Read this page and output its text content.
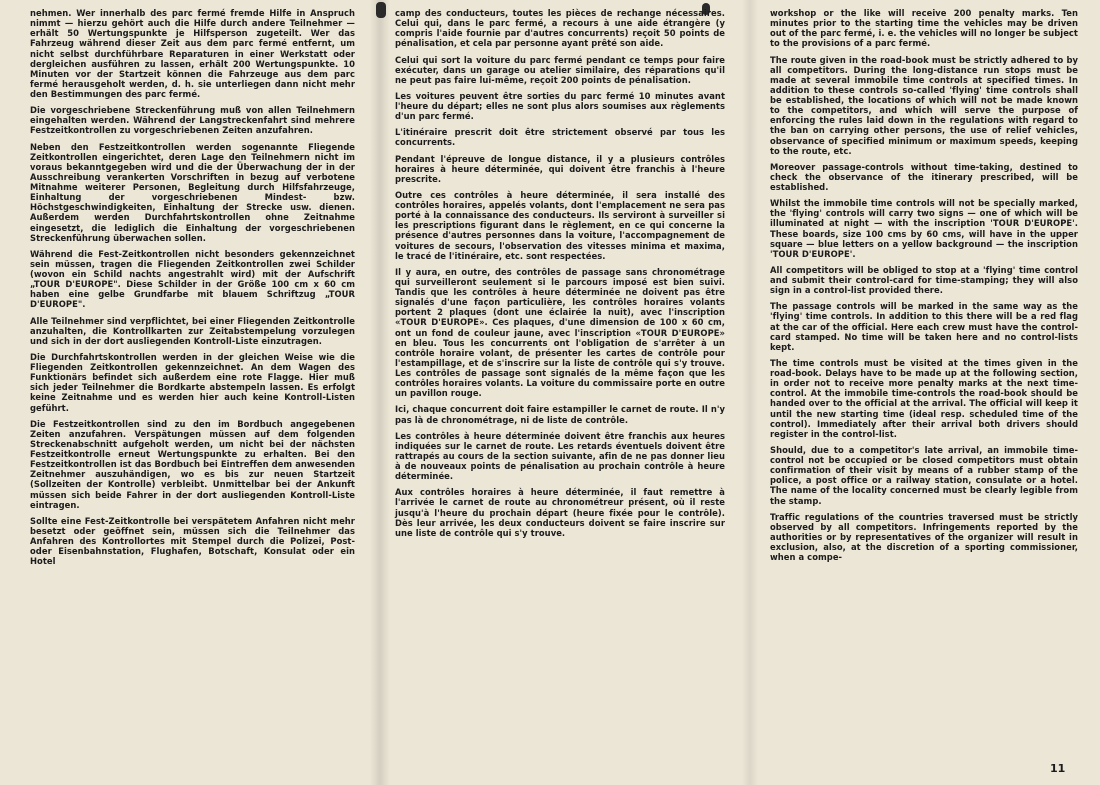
nehmen. Wer innerhalb des parc fermé fremde Hilfe in Anspruch nimmt — hierzu gehört auch die Hilfe durch andere Teilnehmer — erhält 50 Wertungspunkte je Hilfsperson zugeteilt. Wer das Fahrzeug während dieser Zeit aus dem parc fermé entfernt, um nicht selbst durchführbare Reparaturen in einer Werkstatt oder dergleichen ausführen zu lassen, erhält 200 Wertungspunkte. 10 Minuten vor der Startzeit können die Fahrzeuge aus dem parc fermé herausgeholt werden, d. h. sie unterliegen dann nicht mehr den Bestimmungen des parc fermé.

Die vorgeschriebene Streckenführung muß von allen Teilnehmern eingehalten werden. Während der Langstreckenfahrt sind mehrere Festzeitkontrollen zu vorgeschriebenen Zeiten anzufahren.

Neben den Festzeitkontrollen werden sogenannte Fliegende Zeitkontrollen eingerichtet, deren Lage den Teilnehmern nicht im voraus bekanntgegeben wird und die der Überwachung der in der Ausschreibung verankerten Vorschriften in bezug auf verbotene Mitnahme weiterer Personen, Begleitung durch Hilfsfahrzeuge, Einhaltung der vorgeschriebenen Mindest- bzw. Höchstgeschwindigkeiten, Einhaltung der Strecke usw. dienen. Außerdem werden Durchfahrtskontrollen ohne Zeitnahme eingesetzt, die lediglich die Einhaltung der vorgeschriebenen Streckenführung überwachen sollen.

Während die Fest-Zeitkontrollen nicht besonders gekennzeichnet sein müssen, tragen die Fliegenden Zeitkontrollen zwei Schilder (wovon ein Schild nachts angestrahlt wird) mit der Aufschrift „TOUR D'EUROPE". Diese Schilder in der Größe 100 cm x 60 cm haben eine gelbe Grundfarbe mit blauem Schriftzug „TOUR D'EUROPE".

Alle Teilnehmer sind verpflichtet, bei einer Fliegenden Zeitkontrolle anzuhalten, die Kontrollkarten zur Zeitabstempelung vorzulegen und sich in der dort ausliegenden Kontroll-Liste einzutragen.

Die Durchfahrtskontrollen werden in der gleichen Weise wie die Fliegenden Zeitkontrollen gekennzeichnet. An dem Wagen des Funktionärs befindet sich außerdem eine rote Flagge. Hier muß sich jeder Teilnehmer die Bordkarte abstempeln lassen. Es erfolgt keine Zeitnahme und es werden hier auch keine Kontroll-Listen geführt.

Die Festzeitkontrollen sind zu den im Bordbuch angegebenen Zeiten anzufahren. Verspätungen müssen auf dem folgenden Streckenabschnitt aufgeholt werden, um nicht bei der nächsten Festzeitkontrolle erneut Wertungspunkte zu erhalten. Bei den Festzeitkontrollen ist das Bordbuch bei Eintreffen dem anwesenden Zeitnehmer auszuhändigen, wo es bis zur neuen Startzeit (Sollzeiten der Kontrolle) verbleibt. Unmittelbar bei der Ankunft müssen sich beide Fahrer in der dort ausliegenden Kontroll-Liste eintragen.

Sollte eine Fest-Zeitkontrolle bei verspätetem Anfahren nicht mehr besetzt oder geöffnet sein, müssen sich die Teilnehmer das Anfahren des Kontrollortes mit Stempel durch die Polizei, Post- oder Eisenbahnstation, Flughafen, Botschaft, Konsulat oder ein Hotel

camp des conducteurs, toutes les pièces de rechange nécessaires. Celui qui, dans le parc fermé, a recours à une aide étrangère (y compris l'aide fournie par d'autres concurrents) reçoit 50 points de pénalisation, et cela par personne ayant prêté son aide.

Celui qui sort la voiture du parc fermé pendant ce temps pour faire exécuter, dans un garage ou atelier similaire, des réparations qu'il ne peut pas faire lui-même, reçoit 200 points de pénalisation.

Les voitures peuvent être sorties du parc fermé 10 minutes avant l'heure du départ; elles ne sont plus alors soumises aux règlements d'un parc fermé.

L'itinéraire prescrit doit être strictement observé par tous les concurrents.

Pendant l'épreuve de longue distance, il y a plusieurs contrôles horaires à heure déterminée, qui doivent être franchis à l'heure prescrite.

Outre ces contrôles à heure déterminée, il sera installé des contrôles horaires, appelés volants, dont l'emplacement ne sera pas porté à la connaissance des conducteurs. Ils serviront à surveiller si les prescriptions figurant dans le règlement, en ce qui concerne la présence d'autres personnes dans la voiture, l'accompagnement de voitures de secours, l'observation des vitesses minima et maxima, le tracé de l'itinéraire, etc. sont respectées.

Il y aura, en outre, des contrôles de passage sans chronométrage qui surveilleront seulement si le parcours imposé est bien suivi. Tandis que les contrôles à heure déterminée ne doivent pas être signalés d'une façon particulière, les contrôles horaires volants portent 2 plaques (dont une éclairée la nuit), avec l'inscription «TOUR D'EUROPE». Ces plaques, d'une dimension de 100 x 60 cm, ont un fond de couleur jaune, avec l'inscription «TOUR D'EUROPE» en bleu. Tous les concurrents ont l'obligation de s'arrêter à un contrôle horaire volant, de présenter les cartes de contrôle pour l'estampillage, et de s'inscrire sur la liste de contrôle qui s'y trouve. Les contrôles de passage sont signalés de la même façon que les contrôles horaires volants. La voiture du commissaire porte en outre un pavillon rouge.

Ici, chaque concurrent doit faire estampiller le carnet de route. Il n'y pas là de chronométrage, ni de liste de contrôle.

Les contrôles à heure déterminée doivent être franchis aux heures indiquées sur le carnet de route. Les retards éventuels doivent être rattrapés au cours de la section suivante, afin de ne pas donner lieu à de nouveaux points de pénalisation au prochain contrôle à heure déterminée.

Aux contrôles horaires à heure déterminée, il faut remettre à l'arrivée le carnet de route au chronométreur présent, où il reste jusqu'à l'heure du prochain départ (heure fixée pour le contrôle). Dès leur arrivée, les deux conducteurs doivent se faire inscrire sur une liste de contrôle qui s'y trouve.

workshop or the like will receive 200 penalty marks. Ten minutes prior to the starting time the vehicles may be driven out of the parc fermé, i. e. the vehicles will no longer be subject to the provisions of a parc fermé.

The route given in the road-book must be strictly adhered to by all competitors. During the long-distance run stops must be made at several immobile time controls at specified times. In addition to these controls so-called 'flying' time controls shall be established, the locations of which will not be made known to the competitors, and which will serve the purpose of enforcing the rules laid down in the regulations with regard to the ban on carrying other persons, the use of relief vehicles, observance of specified minimum or maximum speeds, keeping to the route, etc.

Moreover passage-controls without time-taking, destined to check the observance of the itinerary prescribed, will be established.

Whilst the immobile time controls will not be specially marked, the 'flying' controls will carry two signs — one of which will be illuminated at night — with the inscription 'TOUR D'EUROPE'. These boards, size 100 cms by 60 cms, will have in the upper square — blue letters on a yellow background — the inscription 'TOUR D'EUROPE'.

All competitors will be obliged to stop at a 'flying' time control and submit their control-card for time-stamping; they will also sign in a control-list provided there.

The passage controls will be marked in the same way as the 'flying' time controls. In addition to this there will be a red flag at the car of the official. Here each crew must have the control-card stamped. No time will be taken here and no control-lists kept.

The time controls must be visited at the times given in the road-book. Delays have to be made up at the following section, in order not to receive more penalty marks at the next time-control. At the immobile time-controls the road-book should be handed over to the official at the arrival. The official will keep it until the new starting time (ideal resp. scheduled time of the control). Immediately after their arrival both drivers should register in the control-list.

Should, due to a competitor's late arrival, an immobile time-control not be occupied or be closed competitors must obtain confirmation of their visit by means of a rubber stamp of the police, a post office or a railway station, consulate or a hotel. The name of the locality concerned must be clearly legible from the stamp.

Traffic regulations of the countries traversed must be strictly observed by all competitors. Infringements reported by the authorities or by representatives of the organizer will result in exclusion, also, at the discretion of a sporting commissioner, when a compe-

11
